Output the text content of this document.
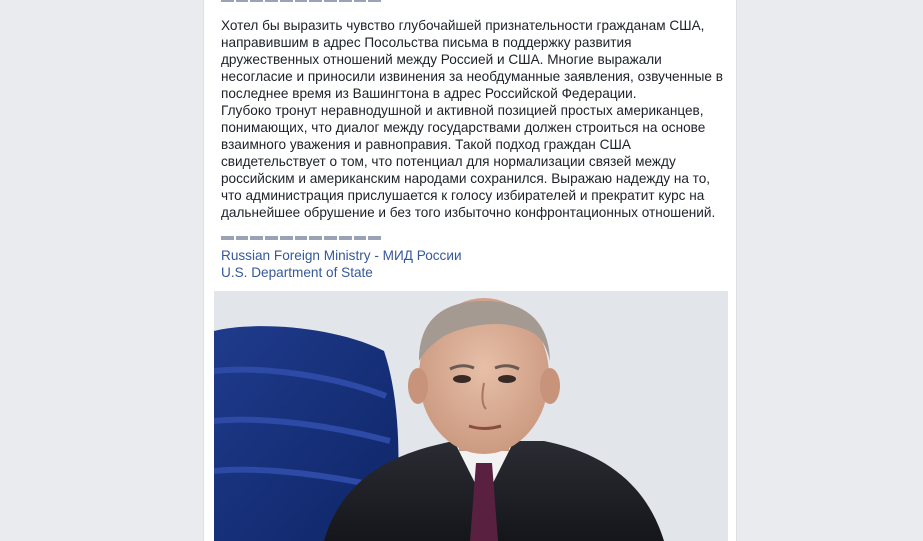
Хотел бы выразить чувство глубочайшей признательности гражданам США, направившим в адрес Посольства письма в поддержку развития дружественных отношений между Россией и США. Многие выражали несогласие и приносили извинения за необдуманные заявления, озвученные в последнее время из Вашингтона в адрес Российской Федерации.

Глубоко тронут неравнодушной и активной позицией простых американцев, понимающих, что диалог между государствами должен строиться на основе взаимного уважения и равноправия. Такой подход граждан США свидетельствует о том, что потенциал для нормализации связей между российским и американским народами сохранился. Выражаю надежду на то, что администрация прислушается к голосу избирателей и прекратит курс на дальнейшее обрушение и без того избыточно конфронтационных отношений.

Russian Foreign Ministry - МИД России
U.S. Department of State
